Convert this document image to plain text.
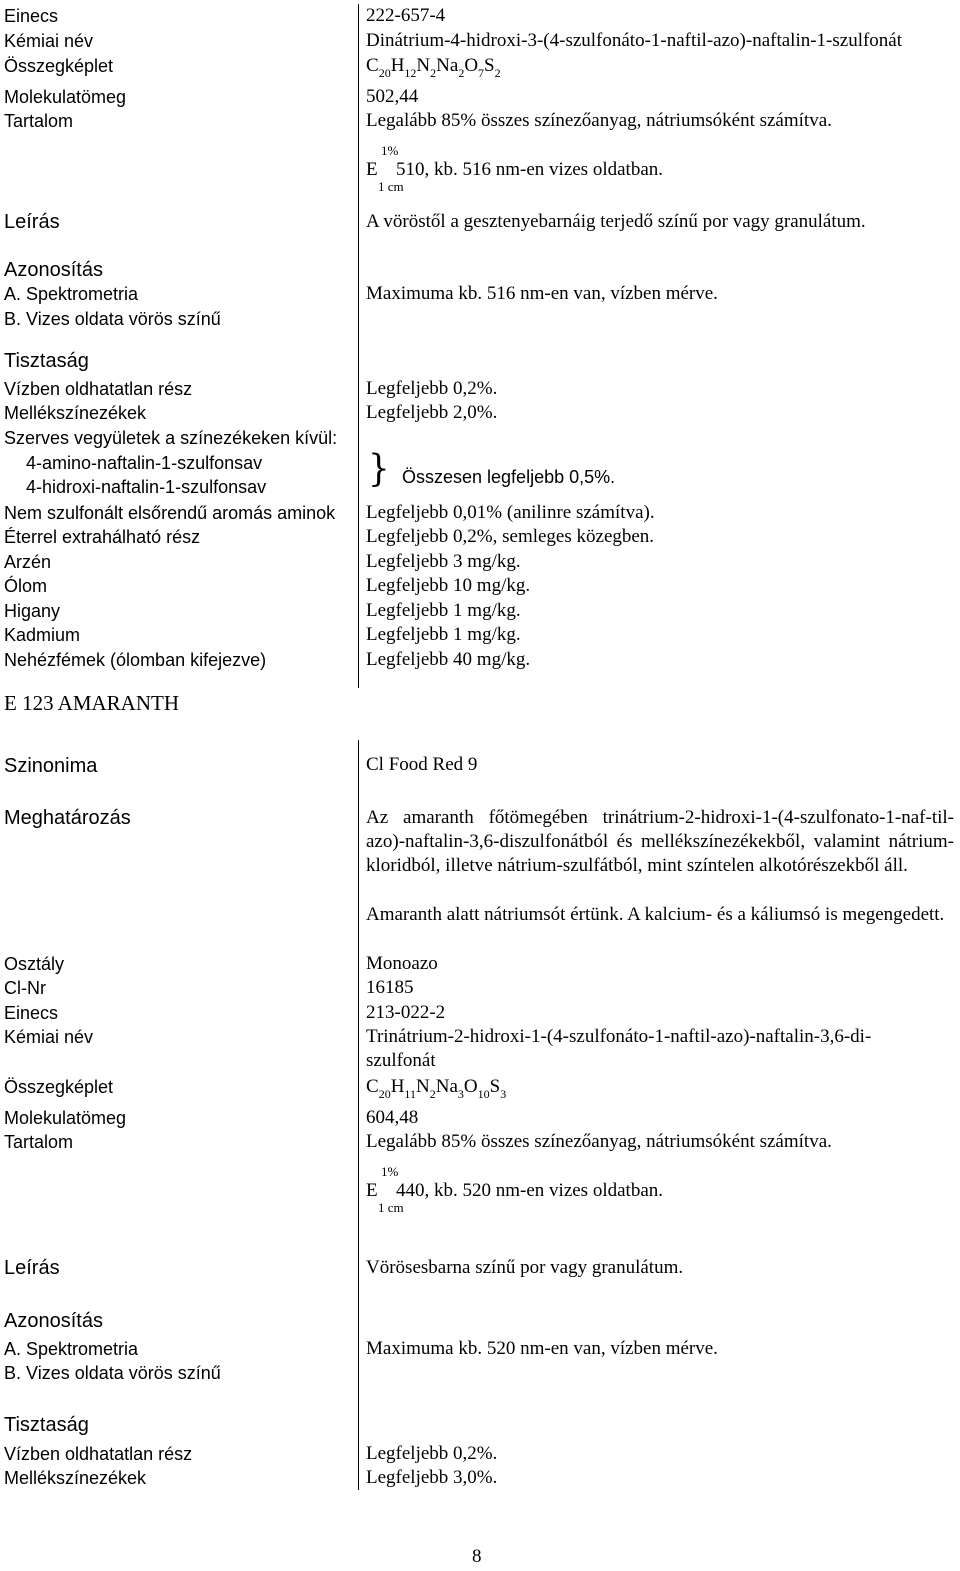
Einecs	222-657-4
Kémiai név	Dinátrium-4-hidroxi-3-(4-szulfonáto-1-naftil-azo)-naftalin-1-szulfonát
Összegképlet	$C_{20}H_{12}N_2Na_2O_7S_2$
Molekulatömeg	502,44
Tartalom	Legalább 85% összes színezőanyag, nátriumsóként számítva.
1%
E 510, kb. 516 nm-en vizes oldatban.
1 cm
Leírás	A vöröstől a gesztenyebarnáig terjedő színű por vagy granulátum.
Azonosítás
A. Spektrometria	Maximuma kb. 516 nm-en van, vízben mérve.
B. Vizes oldata vörös színű
Tisztaság
Vízben oldhatatlan rész	Legfeljebb 0,2%.
Mellékszínezékek	Legfeljebb 2,0%.
Szerves vegyületek a színezékeken kívül:
4-amino-naftalin-1-szulfonsav
4-hidroxi-naftalin-1-szulfonsav	} Összesen legfeljebb 0,5%.
Nem szulfonált elsőrendű aromás aminok Legfeljebb 0,01% (anilinre számítva).
Éterrel extrahálható rész	Legfeljebb 0,2%, semleges közegben.
Arzén	Legfeljebb 3 mg/kg.
Ólom	Legfeljebb 10 mg/kg.
Higany	Legfeljebb 1 mg/kg.
Kadmium	Legfeljebb 1 mg/kg.
Nehézfémek (ólomban kifejezve)	Legfeljebb 40 mg/kg.
E 123 AMARANTH
Szinonima	Cl Food Red 9
Meghatározás	Az amaranth főtömegében trinátrium-2-hidroxi-1-(4-szulfonato-1-naf-til-azo)-naftalin-3,6-diszulfonátból és mellékszínezékekből, valamint nátrium-kloridból, illetve nátrium-szulfátból, mint színtelen alkotórészekből áll.
Amaranth alatt nátriumsót értünk. A kalcium- és a káliumsó is megengedett.
Osztály	Monoazo
Cl-Nr	16185
Einecs	213-022-2
Kémiai név	Trinátrium-2-hidroxi-1-(4-szulfonáto-1-naftil-azo)-naftalin-3,6-di-
szulfonát
Összegképlet	$C_{20}H_{11}N_2Na_3O_{10}S_3$
Molekulatömeg	604,48
Tartalom	Legalább 85% összes színezőanyag, nátriumsóként számítva.
1%
E 440, kb. 520 nm-en vizes oldatban.
1 cm
Leírás	Vörösesbarna színű por vagy granulátum.
Azonosítás
A. Spektrometria	Maximuma kb. 520 nm-en van, vízben mérve.
B. Vizes oldata vörös színű
Tisztaság
Vízben oldhatatlan rész	Legfeljebb 0,2%.
Mellékszínezékek	Legfeljebb 3,0%.
8
